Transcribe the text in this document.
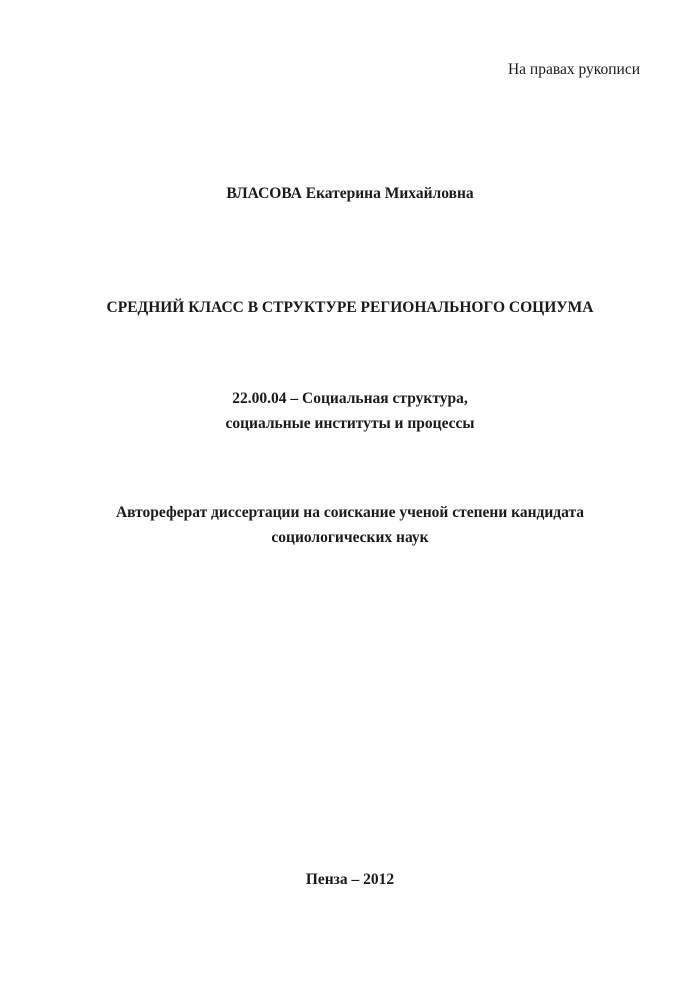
На правах рукописи
ВЛАСОВА Екатерина Михайловна
СРЕДНИЙ КЛАСС В СТРУКТУРЕ РЕГИОНАЛЬНОГО СОЦИУМА
22.00.04 – Социальная структура,
социальные институты и процессы
Автореферат диссертации на соискание ученой степени кандидата
социологических наук
Пенза – 2012
